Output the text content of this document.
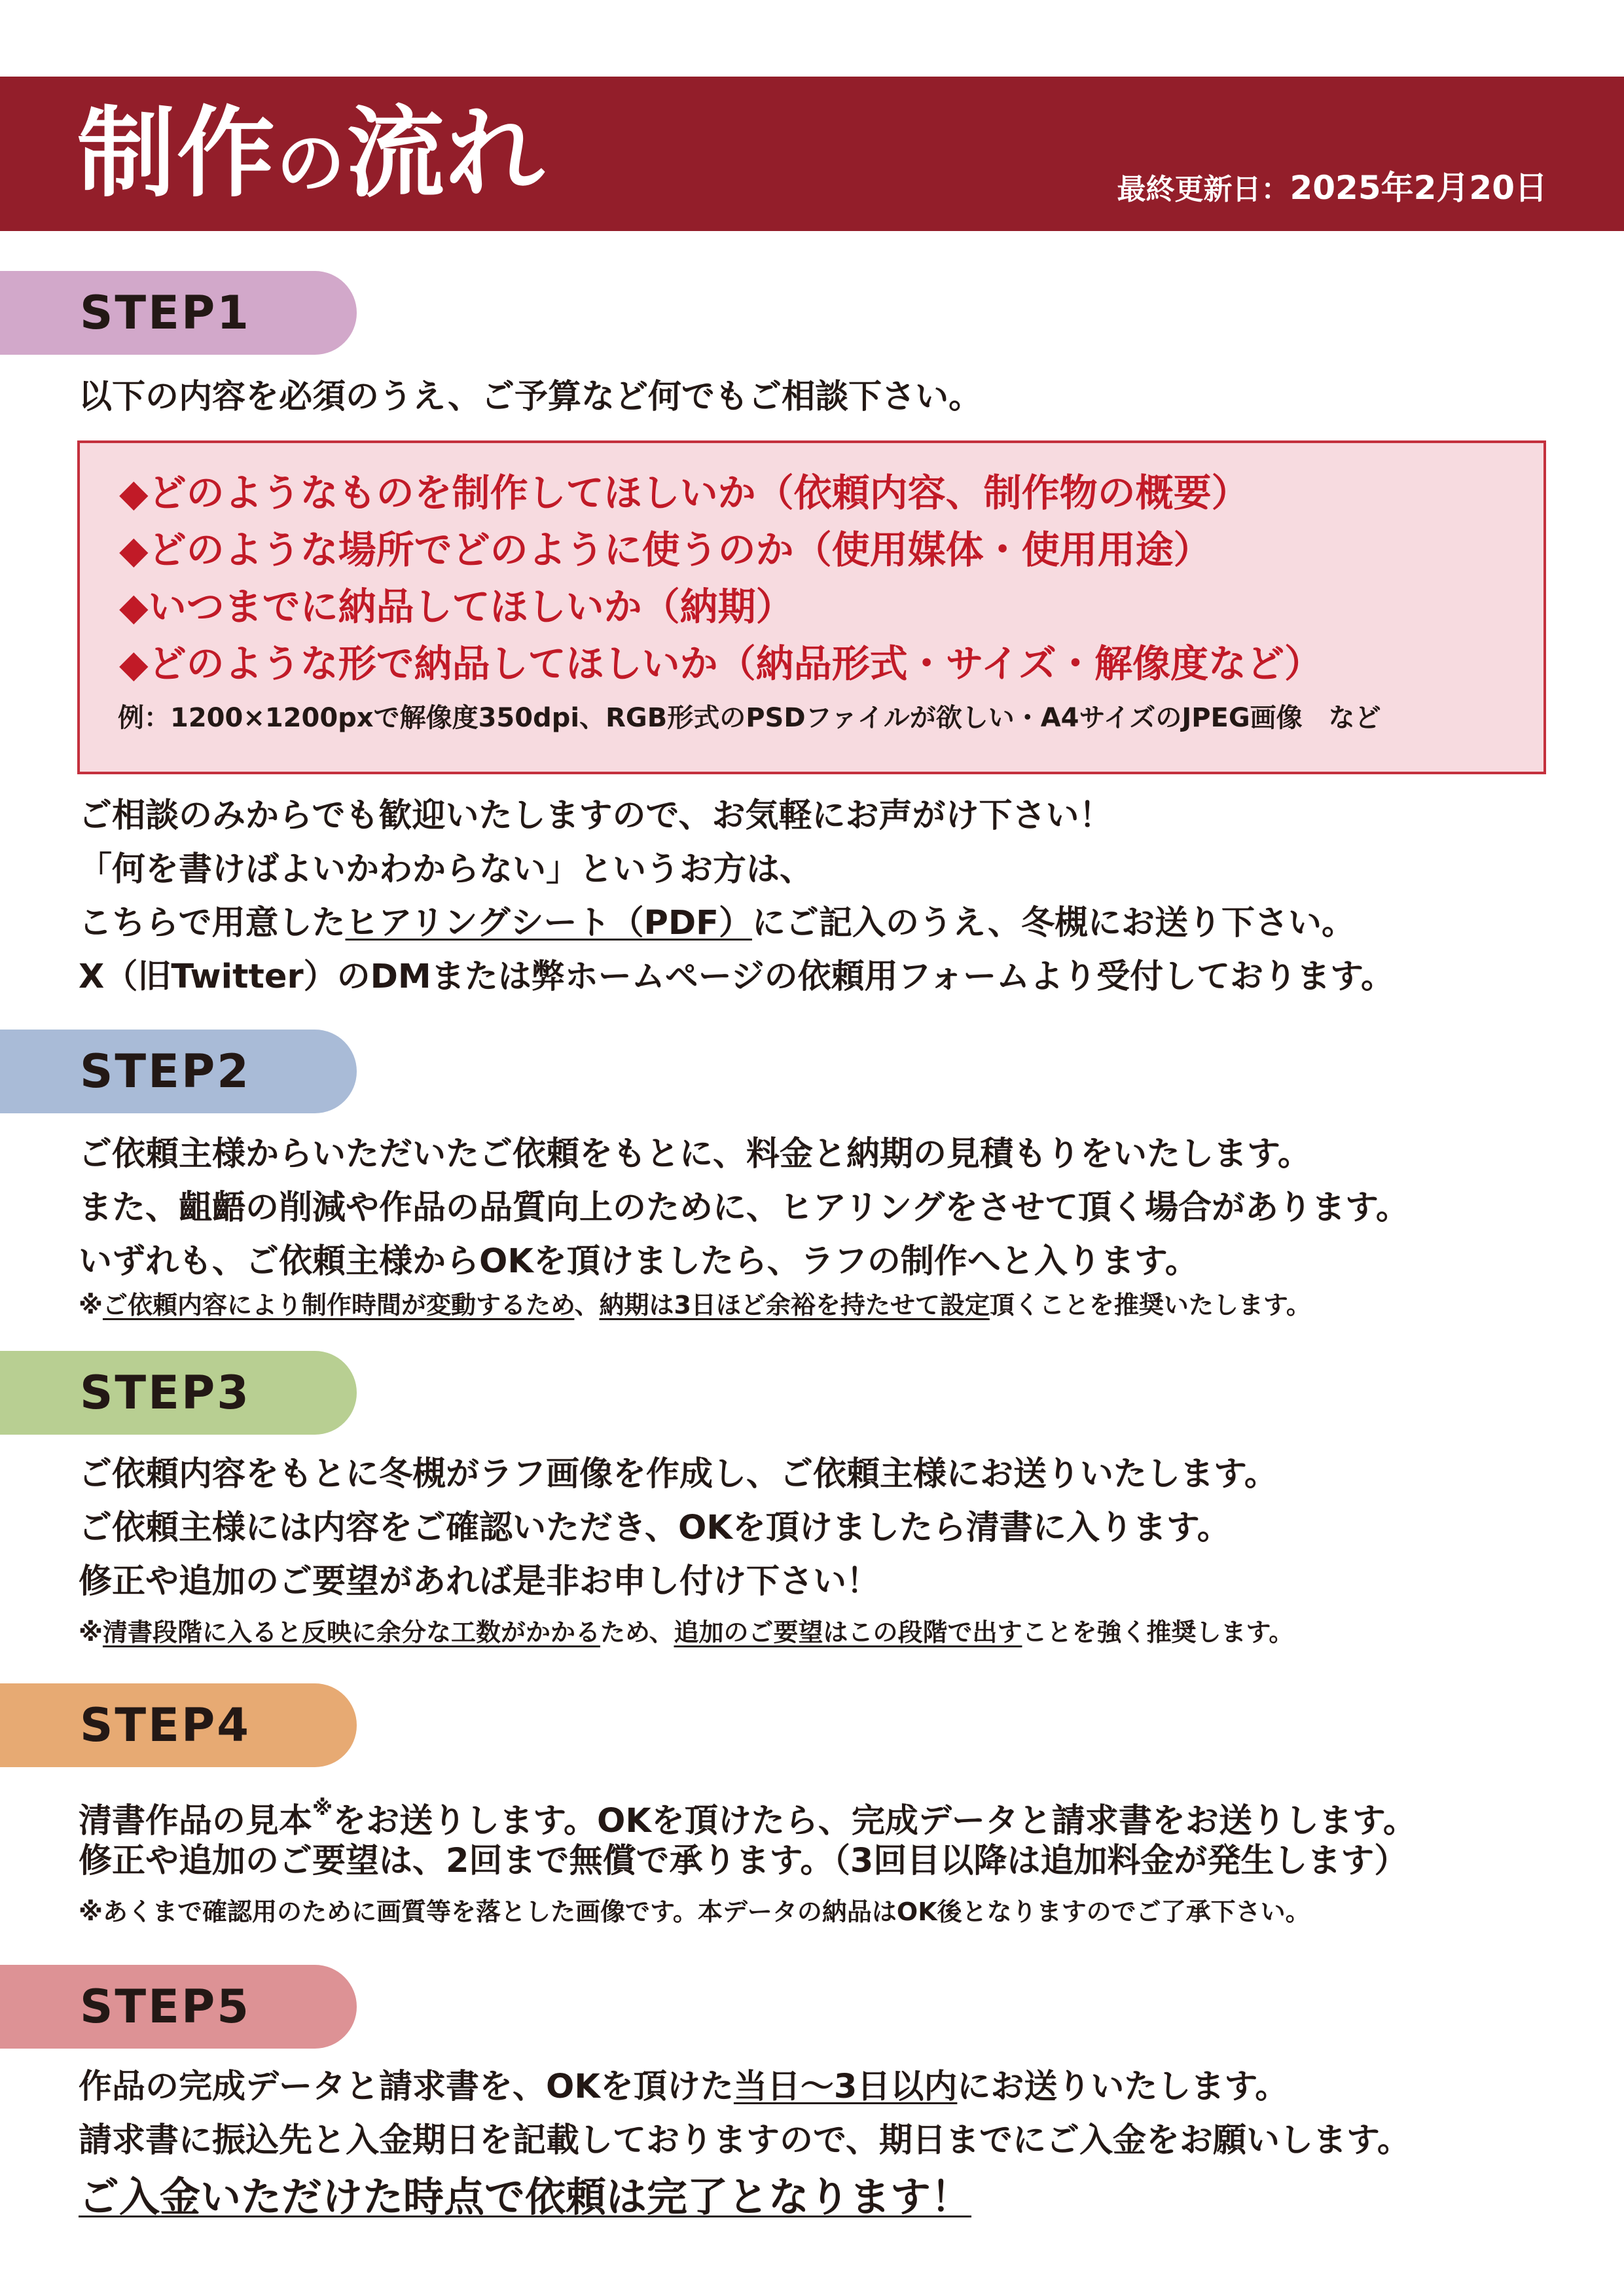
制作の流れ	最終更新日：2025年2月20日
STEP1
以下の内容を必須のうえ、ご予算など何でもご相談下さい。
◆どのようなものを制作してほしいか（依頼内容、制作物の概要）
◆どのような場所でどのように使うのか（使用媒体・使用用途）
◆いつまでに納品してほしいか（納期）
◆どのような形で納品してほしいか（納品形式・サイズ・解像度など）
例：1200×1200pxで解像度350dpi、RGB形式のPSDファイルが欲しい・A4サイズのJPEG画像　など
ご相談のみからでも歓迎いたしますので、お気軽にお声がけ下さい！
「何を書けばよいかわからない」というお方は、
こちらで用意したヒアリングシート（PDF）にご記入のうえ、冬槻にお送り下さい。
X（旧Twitter）のDMまたは弊ホームページの依頼用フォームより受付しております。
STEP2
ご依頼主様からいただいたご依頼をもとに、料金と納期の見積もりをいたします。
また、齟齬の削減や作品の品質向上のために、ヒアリングをさせて頂く場合があります。
いずれも、ご依頼主様からOKを頂けましたら、ラフの制作へと入ります。
※ご依頼内容により制作時間が変動するため、納期は3日ほど余裕を持たせて設定頂くことを推奨いたします。
STEP3
ご依頼内容をもとに冬槻がラフ画像を作成し、ご依頼主様にお送りいたします。
ご依頼主様には内容をご確認いただき、OKを頂けましたら清書に入ります。
修正や追加のご要望があれば是非お申し付け下さい！
※清書段階に入ると反映に余分な工数がかかるため、追加のご要望はこの段階で出すことを強く推奨します。
STEP4
清書作品の見本※をお送りします。OKを頂けたら、完成データと請求書をお送りします。
修正や追加のご要望は、2回まで無償で承ります。（3回目以降は追加料金が発生します）
※あくまで確認用のために画質等を落とした画像です。本データの納品はOK後となりますのでご了承下さい。
STEP5
作品の完成データと請求書を、OKを頂けた当日～3日以内にお送りいたします。
請求書に振込先と入金期日を記載しておりますので、期日までにご入金をお願いします。
ご入金いただけた時点で依頼は完了となります！
